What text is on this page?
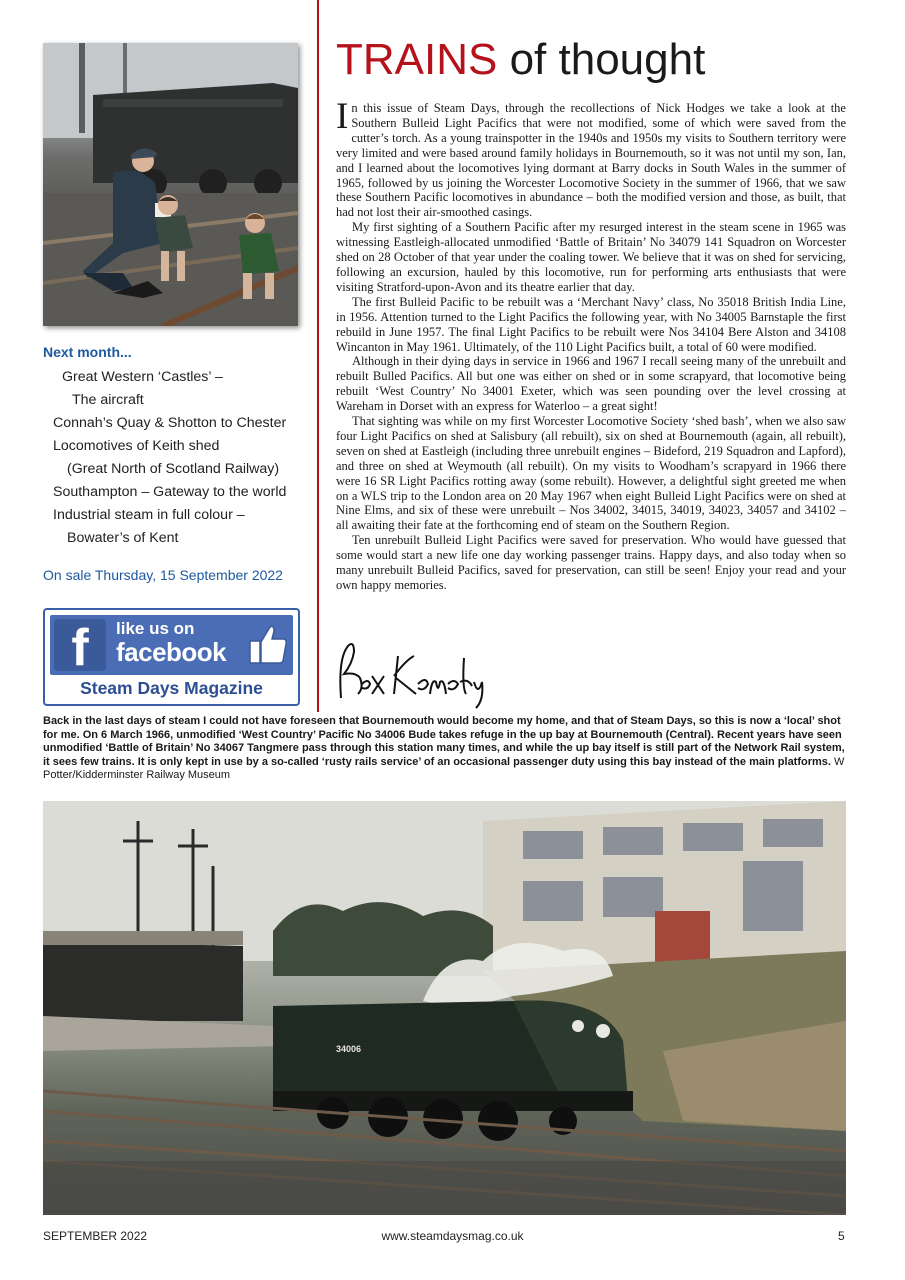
Next month...
Great Western ‘Castles’ –
The aircraft
Connah’s Quay & Shotton to Chester
Locomotives of Keith shed
(Great North of Scotland Railway)
Southampton – Gateway to the world
Industrial steam in full colour –
Bowater’s of Kent
On sale Thursday, 15 September 2022
f	like us on
facebook
Steam Days Magazine
TRAINS of thought

In this issue of Steam Days, through the recollections of Nick Hodges we take a look at the Southern Bulleid Light Pacifics that were not modified, some of which were saved from the cutter’s torch. As a young trainspotter in the 1940s and 1950s my visits to Southern territory were very limited and were based around family holidays in Bournemouth, so it was not until my son, Ian, and I learned about the locomotives lying dormant at Barry docks in South Wales in the summer of 1965, followed by us joining the Worcester Locomotive Society in the summer of 1966, that we saw these Southern Pacific locomotives in abundance – both the modified version and those, as built, that had not lost their air-smoothed casings.

My first sighting of a Southern Pacific after my resurged interest in the steam scene in 1965 was witnessing Eastleigh-allocated unmodified ‘Battle of Britain’ No 34079 141 Squadron on Worcester shed on 28 October of that year under the coaling tower. We believe that it was on shed for servicing, following an excursion, hauled by this locomotive, run for performing arts enthusiasts that were visiting Stratford-upon-Avon and its theatre earlier that day.

The first Bulleid Pacific to be rebuilt was a ‘Merchant Navy’ class, No 35018 British India Line, in 1956. Attention turned to the Light Pacifics the following year, with No 34005 Barnstaple the first rebuild in June 1957. The final Light Pacifics to be rebuilt were Nos 34104 Bere Alston and 34108 Wincanton in May 1961. Ultimately, of the 110 Light Pacifics built, a total of 60 were modified.

Although in their dying days in service in 1966 and 1967 I recall seeing many of the unrebuilt and rebuilt Bulled Pacifics. All but one was either on shed or in some scrapyard, that locomotive being rebuilt ‘West Country’ No 34001 Exeter, which was seen pounding over the level crossing at Wareham in Dorset with an express for Waterloo – a great sight!

That sighting was while on my first Worcester Locomotive Society ‘shed bash’, when we also saw four Light Pacifics on shed at Salisbury (all rebuilt), six on shed at Bournemouth (again, all rebuilt), seven on shed at Eastleigh (including three unrebuilt engines – Bideford, 219 Squadron and Lapford), and three on shed at Weymouth (all rebuilt). On my visits to Woodham’s scrapyard in 1966 there were 16 SR Light Pacifics rotting away (some rebuilt). However, a delightful sight greeted me when on a WLS trip to the London area on 20 May 1967 when eight Bulleid Light Pacifics were on shed at Nine Elms, and six of these were unrebuilt – Nos 34002, 34015, 34019, 34023, 34057 and 34102 – all awaiting their fate at the forthcoming end of steam on the Southern Region.

Ten unrebuilt Bulleid Light Pacifics were saved for preservation. Who would have guessed that some would start a new life one day working passenger trains. Happy days, and also today when so many unrebuilt Bulleid Pacifics, saved for preservation, can still be seen! Enjoy your read and your own happy memories.

Back in the last days of steam I could not have foreseen that Bournemouth would become my home, and that of Steam Days, so this is now a ‘local’ shot for me. On 6 March 1966, unmodified ‘West Country’ Pacific No 34006 Bude takes refuge in the up bay at Bournemouth (Central). Recent years have seen unmodified ‘Battle of Britain’ No 34067 Tangmere pass through this station many times, and while the up bay itself is still part of the Network Rail system, it sees few trains. It is only kept in use by a so-called ‘rusty rails service’ of an occasional passenger duty using this bay instead of the main platforms. W Potter/Kidderminster Railway Museum
34006
SEPTEMBER 2022	www.steamdaysmag.co.uk	5
